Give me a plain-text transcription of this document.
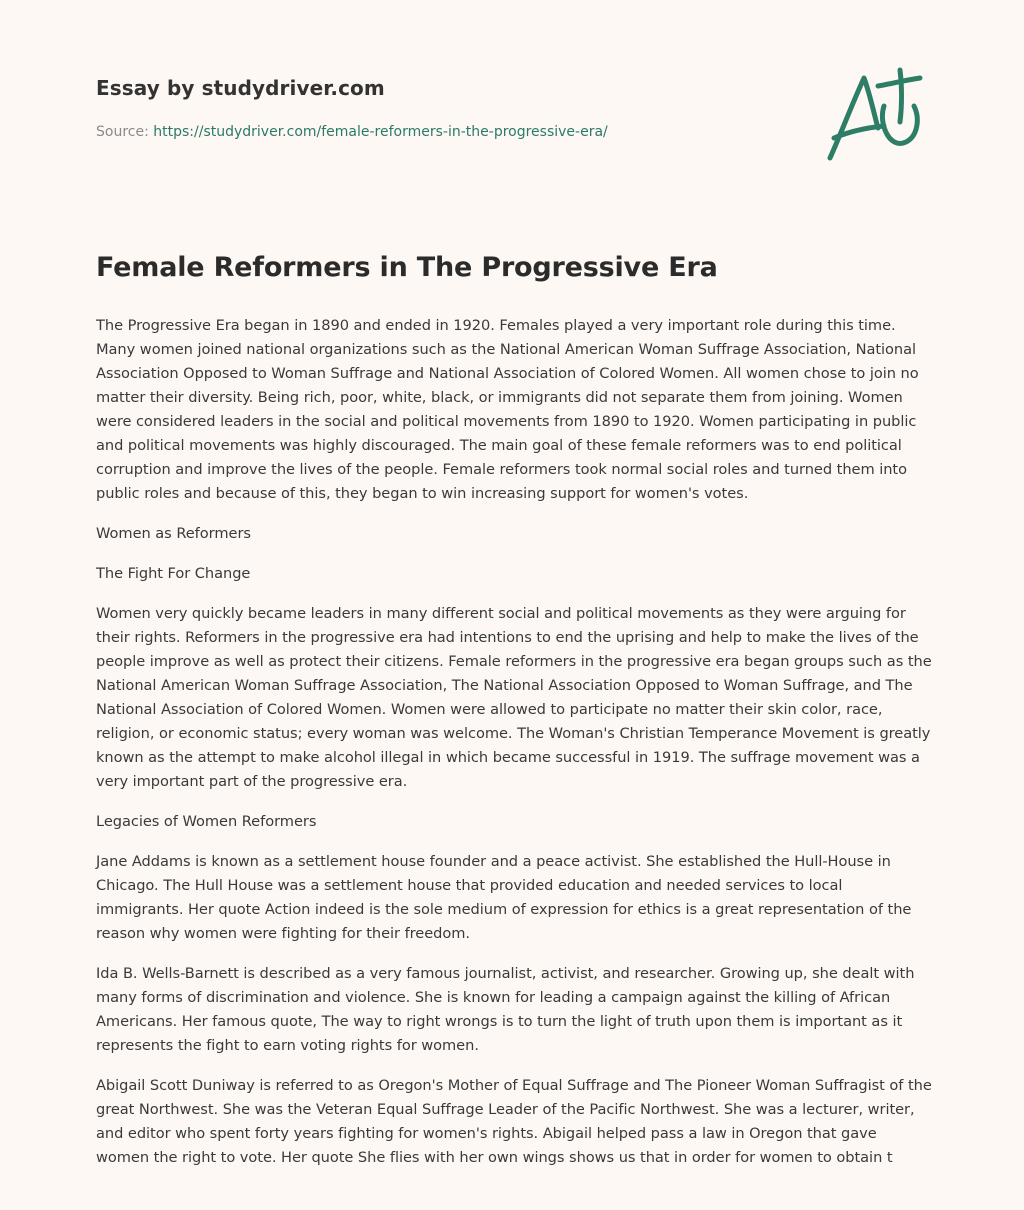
Essay by studydriver.com

Source: https://studydriver.com/female-reformers-in-the-progressive-era/
Female Reformers in The Progressive Era

The Progressive Era began in 1890 and ended in 1920. Females played a very important role during this time. Many women joined national organizations such as the National American Woman Suffrage Association, National Association Opposed to Woman Suffrage and National Association of Colored Women. All women chose to join no matter their diversity. Being rich, poor, white, black, or immigrants did not separate them from joining. Women were considered leaders in the social and political movements from 1890 to 1920. Women participating in public and political movements was highly discouraged. The main goal of these female reformers was to end political corruption and improve the lives of the people. Female reformers took normal social roles and turned them into public roles and because of this, they began to win increasing support for women's votes.

Women as Reformers

The Fight For Change

Women very quickly became leaders in many different social and political movements as they were arguing for their rights. Reformers in the progressive era had intentions to end the uprising and help to make the lives of the people improve as well as protect their citizens. Female reformers in the progressive era began groups such as the National American Woman Suffrage Association, The National Association Opposed to Woman Suffrage, and The National Association of Colored Women. Women were allowed to participate no matter their skin color, race, religion, or economic status; every woman was welcome. The Woman's Christian Temperance Movement is greatly known as the attempt to make alcohol illegal in which became successful in 1919. The suffrage movement was a very important part of the progressive era.

Legacies of Women Reformers

Jane Addams is known as a settlement house founder and a peace activist. She established the Hull-House in Chicago. The Hull House was a settlement house that provided education and needed services to local immigrants. Her quote Action indeed is the sole medium of expression for ethics is a great representation of the reason why women were fighting for their freedom.

Ida B. Wells-Barnett is described as a very famous journalist, activist, and researcher. Growing up, she dealt with many forms of discrimination and violence. She is known for leading a campaign against the killing of African Americans. Her famous quote, The way to right wrongs is to turn the light of truth upon them is important as it represents the fight to earn voting rights for women.

Abigail Scott Duniway is referred to as Oregon's Mother of Equal Suffrage and The Pioneer Woman Suffragist of the great Northwest. She was the Veteran Equal Suffrage Leader of the Pacific Northwest. She was a lecturer, writer, and editor who spent forty years fighting for women's rights. Abigail helped pass a law in Oregon that gave women the right to vote. Her quote She flies with her own wings shows us that in order for women to obtain t
